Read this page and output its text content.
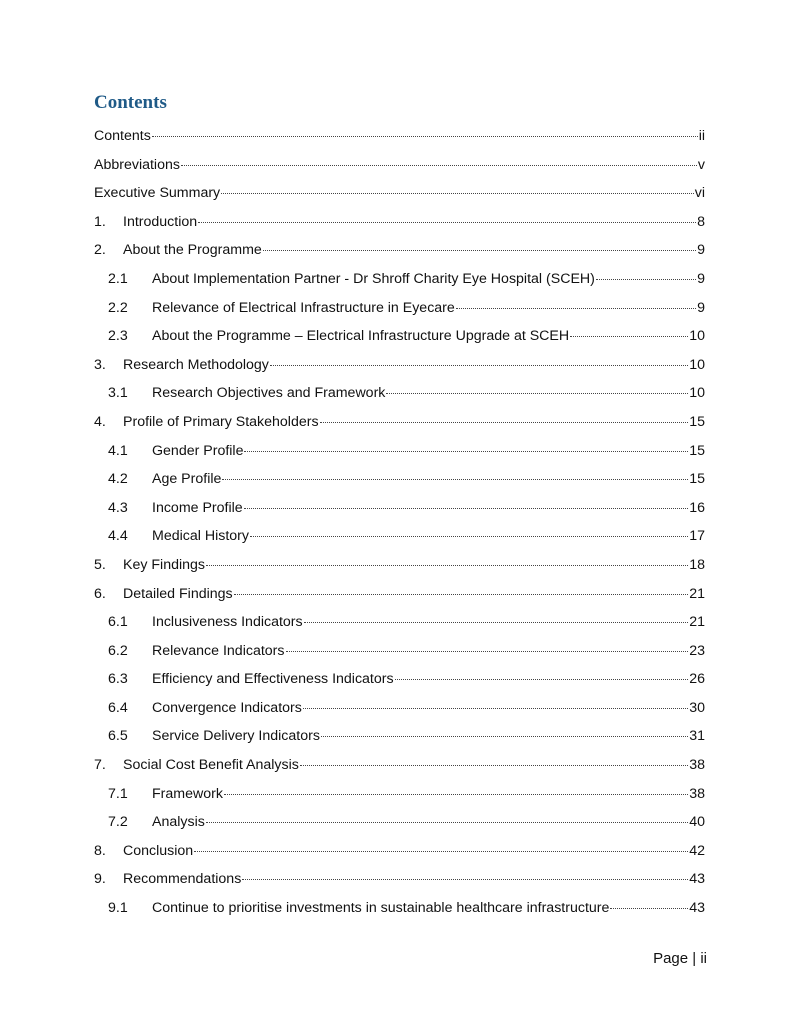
Contents
Contents	ii
Abbreviations	v
Executive Summary	vi
1.	Introduction	8
2.	About the Programme	9
2.1	About Implementation Partner - Dr Shroff Charity Eye Hospital (SCEH)	9
2.2	Relevance of Electrical Infrastructure in Eyecare	9
2.3	About the Programme – Electrical Infrastructure Upgrade at SCEH	10
3.	Research Methodology	10
3.1	Research Objectives and Framework	10
4.	Profile of Primary Stakeholders	15
4.1	Gender Profile	15
4.2	Age Profile	15
4.3	Income Profile	16
4.4	Medical History	17
5.	Key Findings	18
6.	Detailed Findings	21
6.1	Inclusiveness Indicators	21
6.2	Relevance Indicators	23
6.3	Efficiency and Effectiveness Indicators	26
6.4	Convergence Indicators	30
6.5	Service Delivery Indicators	31
7.	Social Cost Benefit Analysis	38
7.1	Framework	38
7.2	Analysis	40
8.	Conclusion	42
9.	Recommendations	43
9.1	Continue to prioritise investments in sustainable healthcare infrastructure	43
Page | ii
